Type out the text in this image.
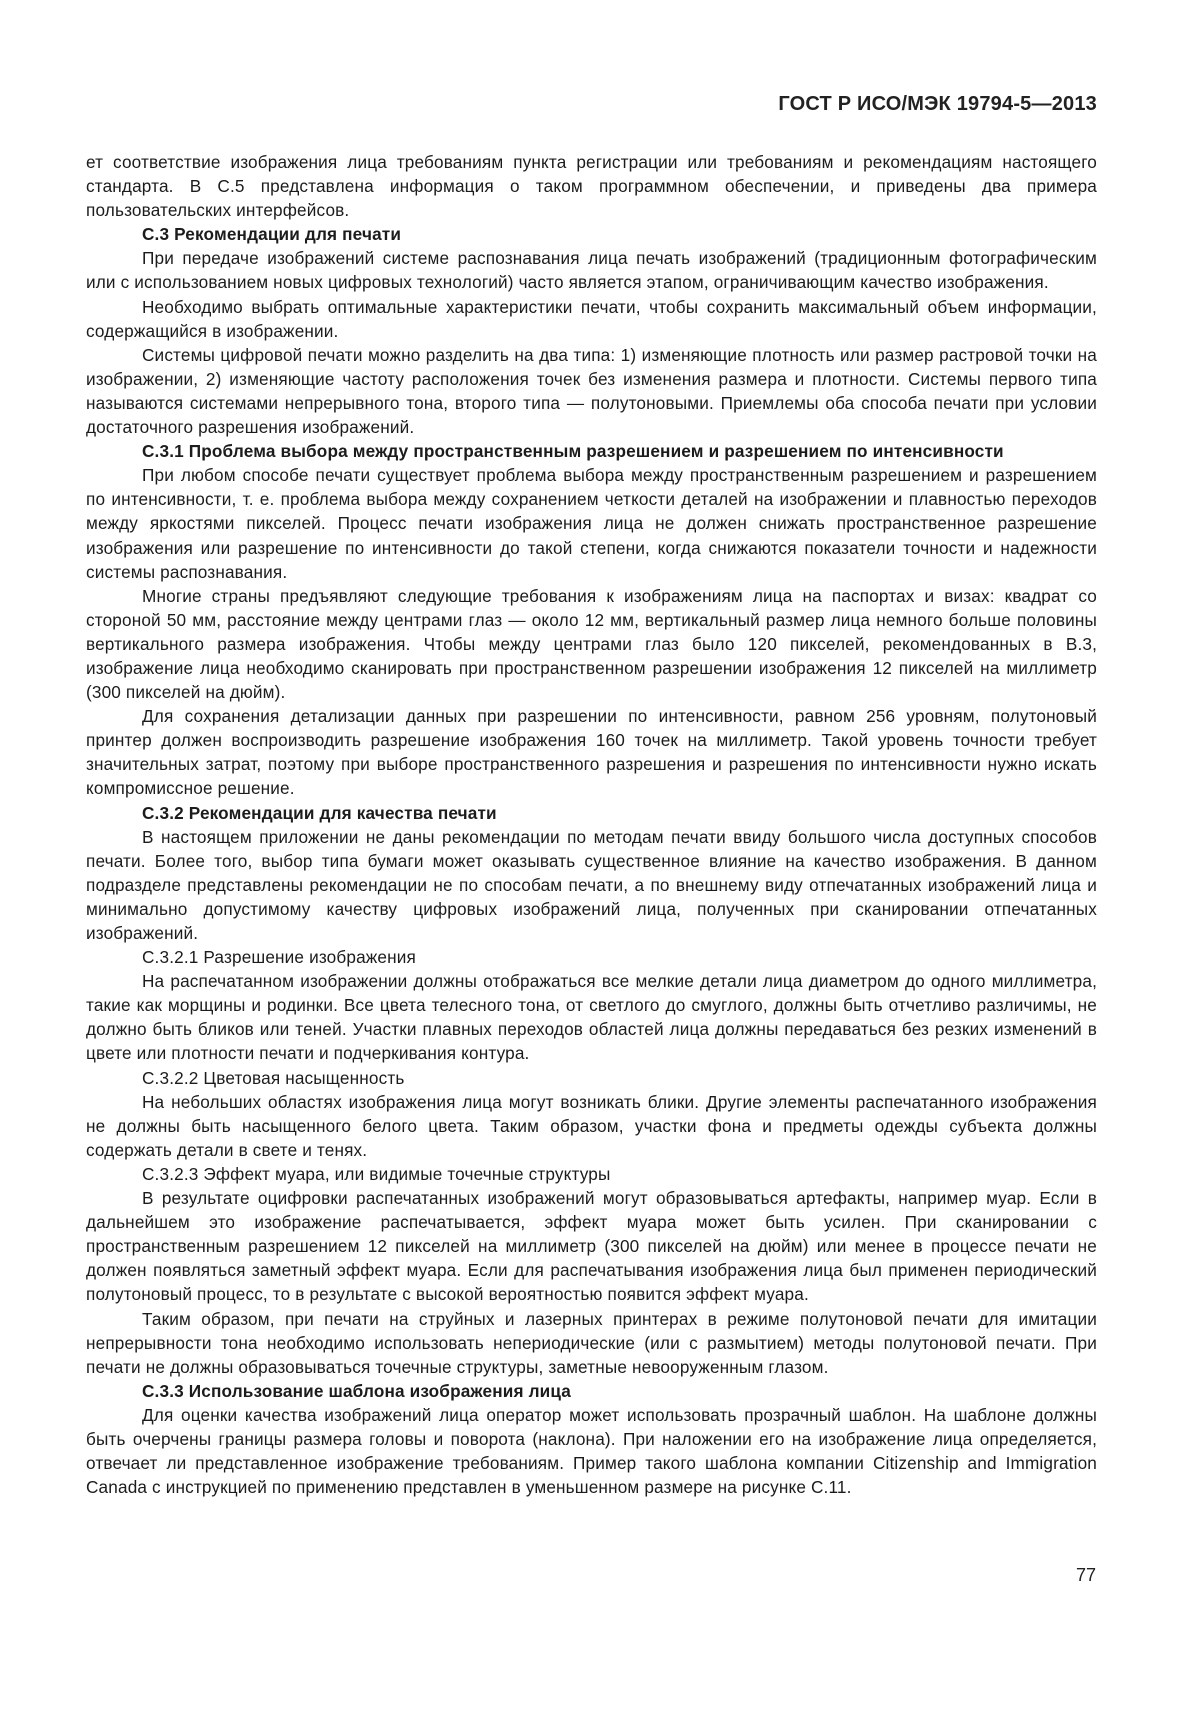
ГОСТ Р ИСО/МЭК 19794-5—2013

ет соответствие изображения лица требованиям пункта регистрации или требованиям и рекомендациям настоящего стандарта. В С.5 представлена информация о таком программном обеспечении, и приведены два примера пользовательских интерфейсов.

С.3 Рекомендации для печати

При передаче изображений системе распознавания лица печать изображений (традиционным фотографическим или с использованием новых цифровых технологий) часто является этапом, ограничивающим качество изображения.

Необходимо выбрать оптимальные характеристики печати, чтобы сохранить максимальный объем информации, содержащийся в изображении.

Системы цифровой печати можно разделить на два типа: 1) изменяющие плотность или размер растровой точки на изображении, 2) изменяющие частоту расположения точек без изменения размера и плотности. Системы первого типа называются системами непрерывного тона, второго типа — полутоновыми. Приемлемы оба способа печати при условии достаточного разрешения изображений.

С.3.1 Проблема выбора между пространственным разрешением и разрешением по интенсивности

При любом способе печати существует проблема выбора между пространственным разрешением и разрешением по интенсивности, т. е. проблема выбора между сохранением четкости деталей на изображении и плавностью переходов между яркостями пикселей. Процесс печати изображения лица не должен снижать пространственное разрешение изображения или разрешение по интенсивности до такой степени, когда снижаются показатели точности и надежности системы распознавания.

Многие страны предъявляют следующие требования к изображениям лица на паспортах и визах: квадрат со стороной 50 мм, расстояние между центрами глаз — около 12 мм, вертикальный размер лица немного больше половины вертикального размера изображения. Чтобы между центрами глаз было 120 пикселей, рекомендованных в В.3, изображение лица необходимо сканировать при пространственном разрешении изображения 12 пикселей на миллиметр (300 пикселей на дюйм).

Для сохранения детализации данных при разрешении по интенсивности, равном 256 уровням, полутоновый принтер должен воспроизводить разрешение изображения 160 точек на миллиметр. Такой уровень точности требует значительных затрат, поэтому при выборе пространственного разрешения и разрешения по интенсивности нужно искать компромиссное решение.

С.3.2 Рекомендации для качества печати

В настоящем приложении не даны рекомендации по методам печати ввиду большого числа доступных способов печати. Более того, выбор типа бумаги может оказывать существенное влияние на качество изображения. В данном подразделе представлены рекомендации не по способам печати, а по внешнему виду отпечатанных изображений лица и минимально допустимому качеству цифровых изображений лица, полученных при сканировании отпечатанных изображений.

С.3.2.1 Разрешение изображения

На распечатанном изображении должны отображаться все мелкие детали лица диаметром до одного миллиметра, такие как морщины и родинки. Все цвета телесного тона, от светлого до смуглого, должны быть отчетливо различимы, не должно быть бликов или теней. Участки плавных переходов областей лица должны передаваться без резких изменений в цвете или плотности печати и подчеркивания контура.

С.3.2.2 Цветовая насыщенность

На небольших областях изображения лица могут возникать блики. Другие элементы распечатанного изображения не должны быть насыщенного белого цвета. Таким образом, участки фона и предметы одежды субъекта должны содержать детали в свете и тенях.

С.3.2.3 Эффект муара, или видимые точечные структуры

В результате оцифровки распечатанных изображений могут образовываться артефакты, например муар. Если в дальнейшем это изображение распечатывается, эффект муара может быть усилен. При сканировании с пространственным разрешением 12 пикселей на миллиметр (300 пикселей на дюйм) или менее в процессе печати не должен появляться заметный эффект муара. Если для распечатывания изображения лица был применен периодический полутоновый процесс, то в результате с высокой вероятностью появится эффект муара.

Таким образом, при печати на струйных и лазерных принтерах в режиме полутоновой печати для имитации непрерывности тона необходимо использовать непериодические (или с размытием) методы полутоновой печати. При печати не должны образовываться точечные структуры, заметные невооруженным глазом.

С.3.3 Использование шаблона изображения лица

Для оценки качества изображений лица оператор может использовать прозрачный шаблон. На шаблоне должны быть очерчены границы размера головы и поворота (наклона). При наложении его на изображение лица определяется, отвечает ли представленное изображение требованиям. Пример такого шаблона компании Citizenship and Immigration Canada с инструкцией по применению представлен в уменьшенном размере на рисунке С.11.

77
